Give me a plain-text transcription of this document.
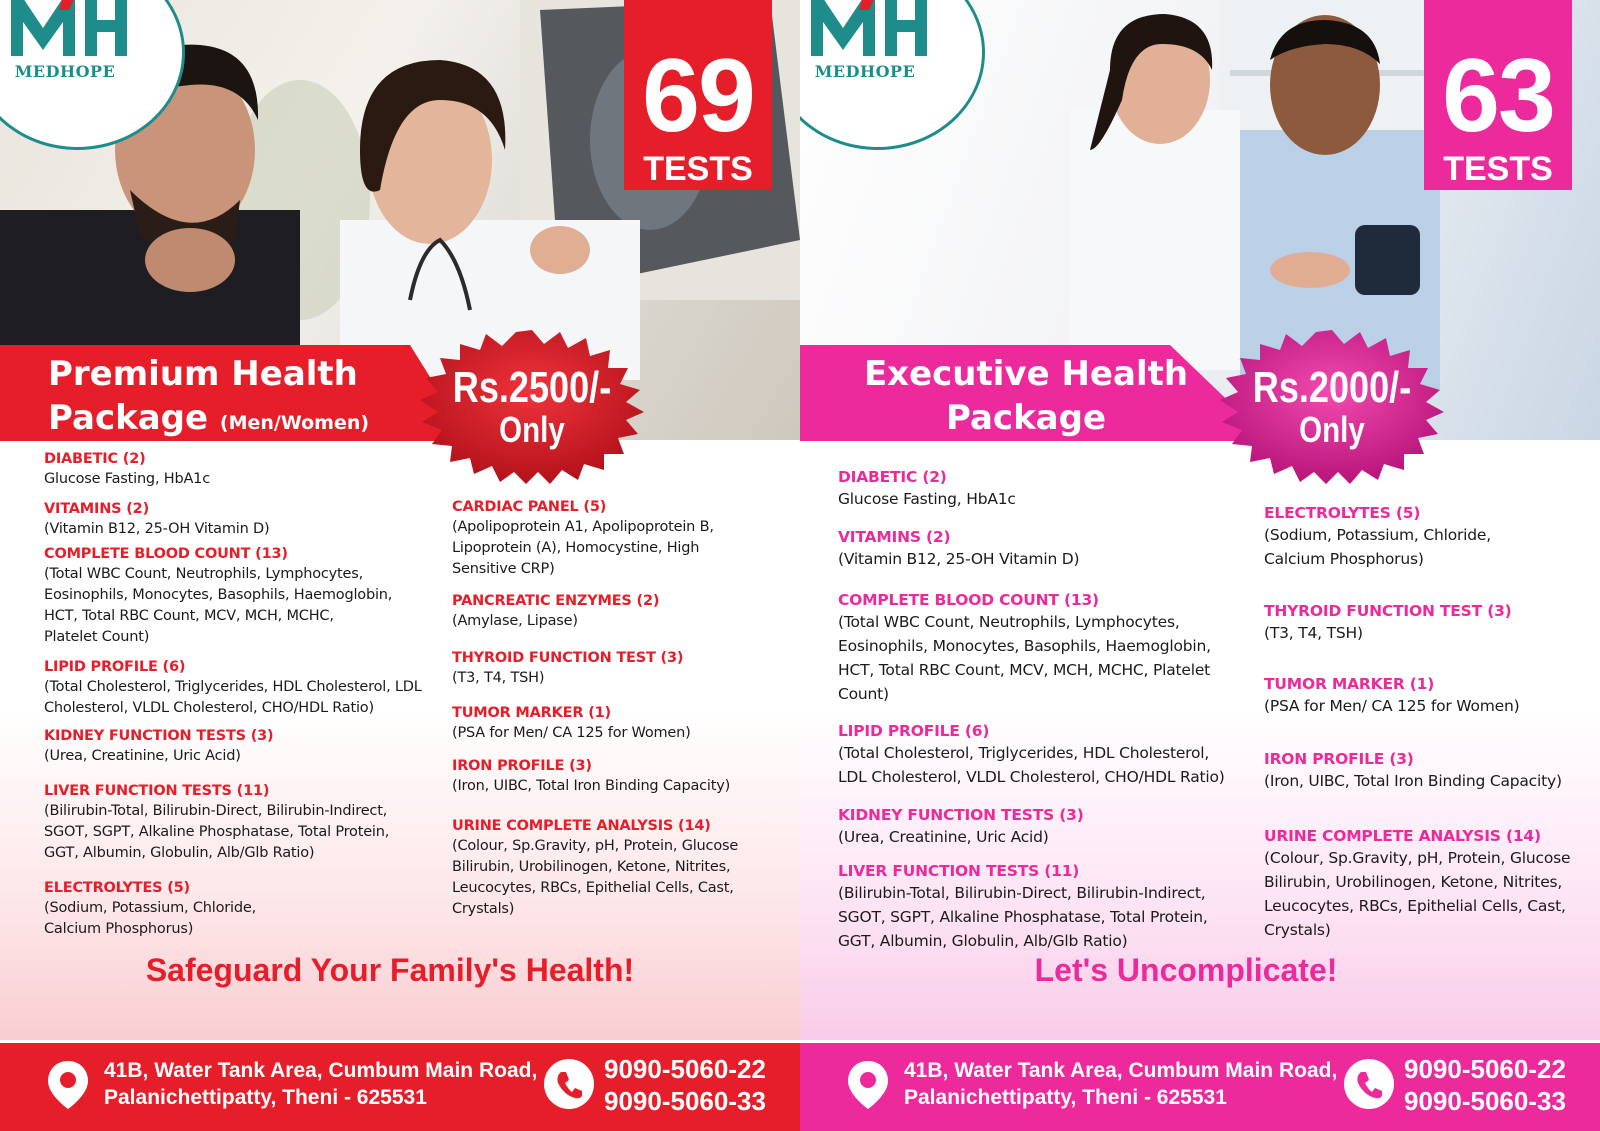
MEDHOPE	69
TESTS
Premium Health
Package (Men/Women)
Rs.2500/-
Only
DIABETIC (2)
Glucose Fasting, HbA1c
VITAMINS (2)
(Vitamin B12, 25-OH Vitamin D)
COMPLETE BLOOD COUNT (13)
(Total WBC Count, Neutrophils, Lymphocytes,
Eosinophils, Monocytes, Basophils, Haemoglobin,
HCT, Total RBC Count, MCV, MCH, MCHC,
Platelet Count)
LIPID PROFILE (6)
(Total Cholesterol, Triglycerides, HDL Cholesterol, LDL
Cholesterol, VLDL Cholesterol, CHO/HDL Ratio)
KIDNEY FUNCTION TESTS (3)
(Urea, Creatinine, Uric Acid)
LIVER FUNCTION TESTS (11)
(Bilirubin-Total, Bilirubin-Direct, Bilirubin-Indirect,
SGOT, SGPT, Alkaline Phosphatase, Total Protein,
GGT, Albumin, Globulin, Alb/Glb Ratio)
ELECTROLYTES (5)
(Sodium, Potassium, Chloride,
Calcium Phosphorus)
CARDIAC PANEL (5)
(Apolipoprotein A1, Apolipoprotein B,
Lipoprotein (A), Homocystine, High
Sensitive CRP)
PANCREATIC ENZYMES (2)
(Amylase, Lipase)
THYROID FUNCTION TEST (3)
(T3, T4, TSH)
TUMOR MARKER (1)
(PSA for Men/ CA 125 for Women)
IRON PROFILE (3)
(Iron, UIBC, Total Iron Binding Capacity)
URINE COMPLETE ANALYSIS (14)
(Colour, Sp.Gravity, pH, Protein, Glucose
Bilirubin, Urobilinogen, Ketone, Nitrites,
Leucocytes, RBCs, Epithelial Cells, Cast,
Crystals)
Safeguard Your Family's Health!
41B, Water Tank Area, Cumbum Main Road,
Palanichettipatty, Theni - 625531
9090-5060-22
9090-5060-33
MEDHOPE	63
TESTS
Executive Health
Package
Rs.2000/-
Only
DIABETIC (2)
Glucose Fasting, HbA1c
VITAMINS (2)
(Vitamin B12, 25-OH Vitamin D)
COMPLETE BLOOD COUNT (13)
(Total WBC Count, Neutrophils, Lymphocytes,
Eosinophils, Monocytes, Basophils, Haemoglobin,
HCT, Total RBC Count, MCV, MCH, MCHC, Platelet
Count)
LIPID PROFILE (6)
(Total Cholesterol, Triglycerides, HDL Cholesterol,
LDL Cholesterol, VLDL Cholesterol, CHO/HDL Ratio)
KIDNEY FUNCTION TESTS (3)
(Urea, Creatinine, Uric Acid)
LIVER FUNCTION TESTS (11)
(Bilirubin-Total, Bilirubin-Direct, Bilirubin-Indirect,
SGOT, SGPT, Alkaline Phosphatase, Total Protein,
GGT, Albumin, Globulin, Alb/Glb Ratio)
ELECTROLYTES (5)
(Sodium, Potassium, Chloride,
Calcium Phosphorus)
THYROID FUNCTION TEST (3)
(T3, T4, TSH)
TUMOR MARKER (1)
(PSA for Men/ CA 125 for Women)
IRON PROFILE (3)
(Iron, UIBC, Total Iron Binding Capacity)
URINE COMPLETE ANALYSIS (14)
(Colour, Sp.Gravity, pH, Protein, Glucose
Bilirubin, Urobilinogen, Ketone, Nitrites,
Leucocytes, RBCs, Epithelial Cells, Cast,
Crystals)
Let's Uncomplicate!
41B, Water Tank Area, Cumbum Main Road,
Palanichettipatty, Theni - 625531
9090-5060-22
9090-5060-33
